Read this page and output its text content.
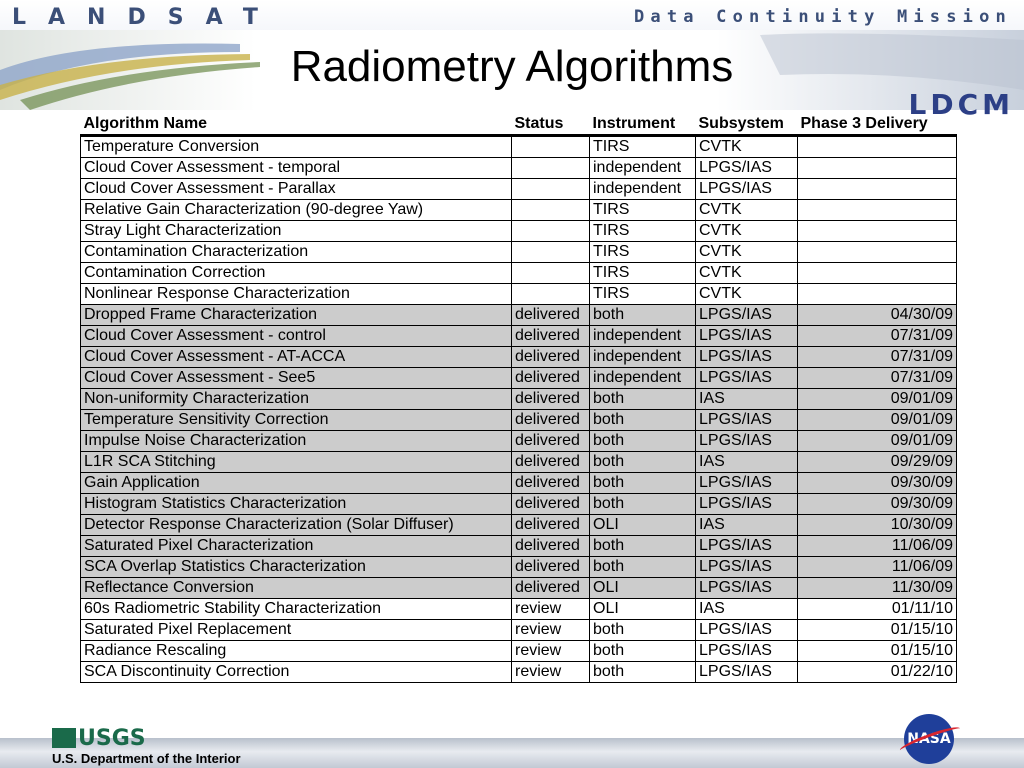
LANDSAT	Data Continuity Mission
Radiometry Algorithms
LDCM
Algorithm Name	Status	Instrument	Subsystem	Phase 3 Delivery
Temperature Conversion		TIRS	CVTK	
Cloud Cover Assessment - temporal		independent	LPGS/IAS	
Cloud Cover Assessment - Parallax		independent	LPGS/IAS	
Relative Gain Characterization (90-degree Yaw)		TIRS	CVTK	
Stray Light Characterization		TIRS	CVTK	
Contamination Characterization		TIRS	CVTK	
Contamination Correction		TIRS	CVTK	
Nonlinear Response Characterization		TIRS	CVTK	
Dropped Frame Characterization	delivered	both	LPGS/IAS	04/30/09
Cloud Cover Assessment - control	delivered	independent	LPGS/IAS	07/31/09
Cloud Cover Assessment - AT-ACCA	delivered	independent	LPGS/IAS	07/31/09
Cloud Cover Assessment - See5	delivered	independent	LPGS/IAS	07/31/09
Non-uniformity Characterization	delivered	both	IAS	09/01/09
Temperature Sensitivity Correction	delivered	both	LPGS/IAS	09/01/09
Impulse Noise Characterization	delivered	both	LPGS/IAS	09/01/09
L1R SCA Stitching	delivered	both	IAS	09/29/09
Gain Application	delivered	both	LPGS/IAS	09/30/09
Histogram Statistics Characterization	delivered	both	LPGS/IAS	09/30/09
Detector Response Characterization (Solar Diffuser)	delivered	OLI	IAS	10/30/09
Saturated Pixel Characterization	delivered	both	LPGS/IAS	11/06/09
SCA Overlap Statistics Characterization	delivered	both	LPGS/IAS	11/06/09
Reflectance Conversion	delivered	OLI	LPGS/IAS	11/30/09
60s Radiometric Stability Characterization	review	OLI	IAS	01/11/10
Saturated Pixel Replacement	review	both	LPGS/IAS	01/15/10
Radiance Rescaling	review	both	LPGS/IAS	01/15/10
SCA Discontinuity Correction	review	both	LPGS/IAS	01/22/10
USGS
U.S. Department of the Interior
NASA
